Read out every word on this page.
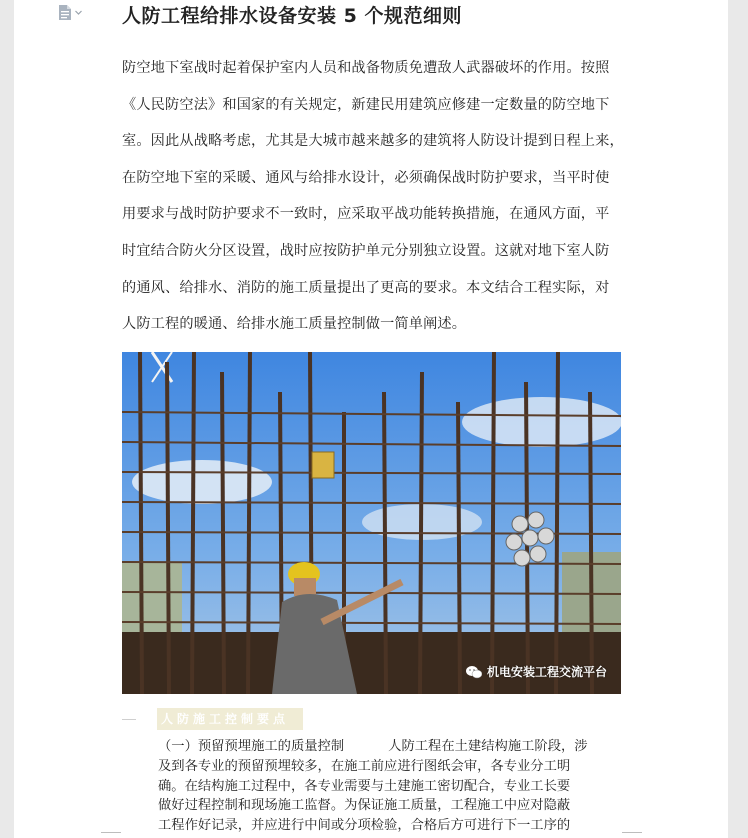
人防工程给排水设备安装 5 个规范细则

防空地下室战时起着保护室内人员和战备物质免遭敌人武器破坏的作用。按照

《人民防空法》和国家的有关规定，新建民用建筑应修建一定数量的防空地下

室。因此从战略考虑，尤其是大城市越来越多的建筑将人防设计提到日程上来，

在防空地下室的采暖、通风与给排水设计，必须确保战时防护要求，当平时使

用要求与战时防护要求不一致时，应采取平战功能转换措施，在通风方面，平

时宜结合防火分区设置，战时应按防护单元分别独立设置。这就对地下室人防

的通风、给排水、消防的施工质量提出了更高的要求。本文结合工程实际，对

人防工程的暖通、给排水施工质量控制做一简单阐述。

机电安装工程交流平台
人防施工控制要点
（一）预留预埋施工的质量控制	人防工程在土建结构施工阶段，涉
及到各专业的预留预埋较多，在施工前应进行图纸会审，各专业分工明
确。在结构施工过程中，各专业需要与土建施工密切配合，专业工长要
做好过程控制和现场施工监督。为保证施工质量，工程施工中应对隐蔽
工程作好记录，并应进行中间或分项检验，合格后方可进行下一工序的
